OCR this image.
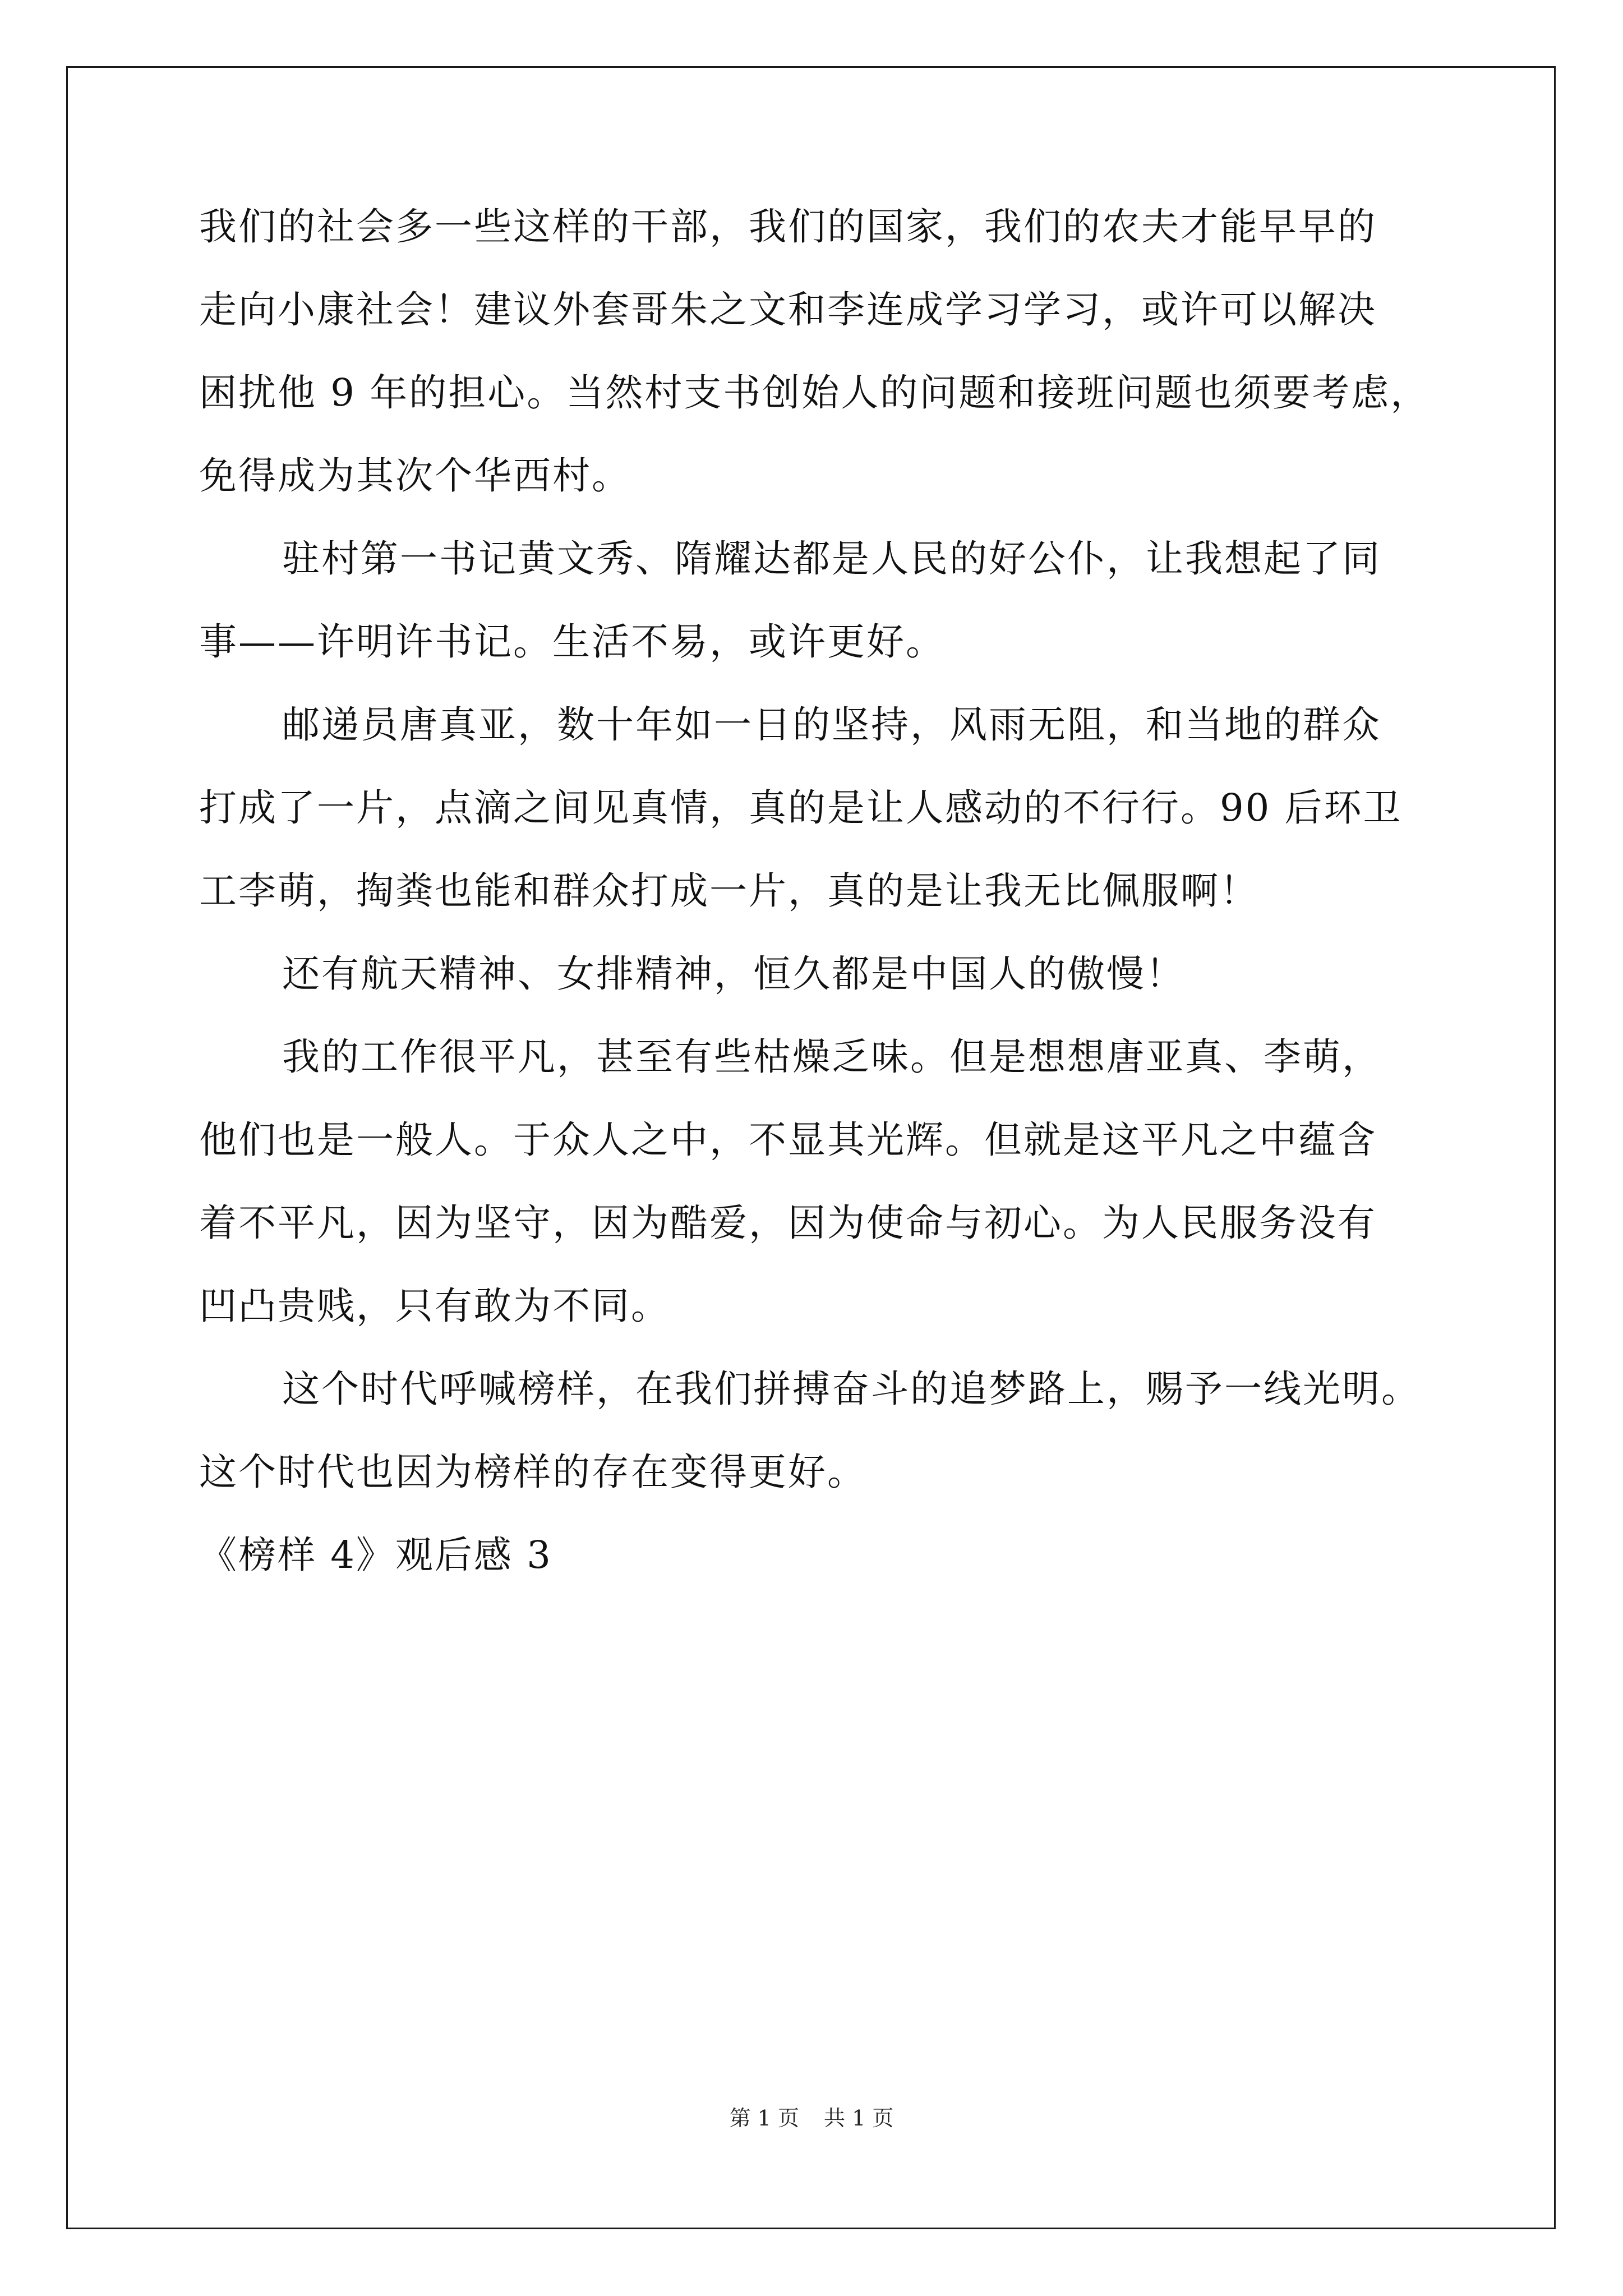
我们的社会多一些这样的干部，我们的国家，我们的农夫才能早早的
走向小康社会！建议外套哥朱之文和李连成学习学习，或许可以解决
困扰他 9 年的担心。当然村支书创始人的问题和接班问题也须要考虑，
免得成为其次个华西村。
驻村第一书记黄文秀、隋耀达都是人民的好公仆，让我想起了同
事——许明许书记。生活不易，或许更好。
邮递员唐真亚，数十年如一日的坚持，风雨无阻，和当地的群众
打成了一片，点滴之间见真情，真的是让人感动的不行行。90 后环卫
工李萌，掏粪也能和群众打成一片，真的是让我无比佩服啊！
还有航天精神、女排精神，恒久都是中国人的傲慢！
我的工作很平凡，甚至有些枯燥乏味。但是想想唐亚真、李萌，
他们也是一般人。于众人之中，不显其光辉。但就是这平凡之中蕴含
着不平凡，因为坚守，因为酷爱，因为使命与初心。为人民服务没有
凹凸贵贱，只有敢为不同。
这个时代呼喊榜样，在我们拼搏奋斗的追梦路上，赐予一线光明。
这个时代也因为榜样的存在变得更好。
《榜样 4》观后感 3
第 1 页 共 1 页
